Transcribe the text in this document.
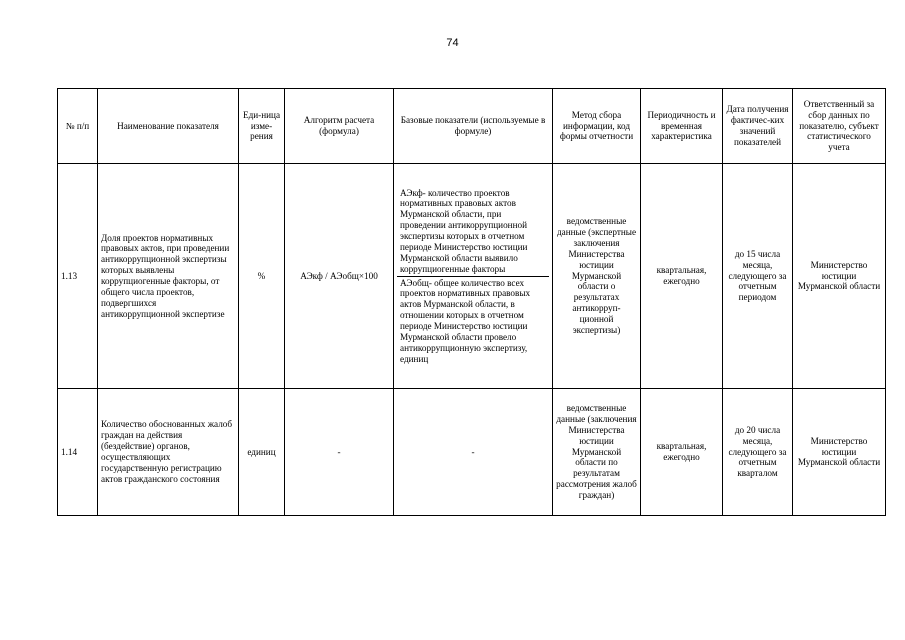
74
№ п/п	Наименование показателя	Еди-ница изме-рения	Алгоритм расчета (формула)	Базовые показатели (используемые в формуле)	Метод сбора информации, код формы отчетности	Периодичность и временная характеристика	Дата получения фактичес-ких значений показателей	Ответственный за сбор данных по показателю, субъект статистического учета
1.13	Доля проектов нормативных правовых актов, при проведении антикоррупционной экспертизы которых выявлены коррупциогенные факторы, от общего числа проектов, подвергшихся антикоррупционной экспертизе	%	АЭкф / АЭобщ×100	АЭкф- количество проектов нормативных правовых актов Мурманской области, при проведении антикоррупционной экспертизы которых в отчетном периоде Министерство юстиции Мурманской области выявило коррупциогенные факторы
АЭобщ- общее количество всех проектов нормативных правовых актов Мурманской области, в отношении которых в отчетном периоде Министерство юстиции Мурманской области провело антикоррупционную экспертизу, единиц	ведомственные данные (экспертные заключения Министерства юстиции Мурманской области о результатах антикорруп-ционной экспертизы)	квартальная, ежегодно	до 15 числа месяца, следующего за отчетным периодом	Министерство юстиции Мурманской области
1.14	Количество обоснованных жалоб граждан на действия (бездействие) органов, осуществляющих государственную регистрацию актов гражданского состояния	единиц	-	-	ведомственные данные (заключения Министерства юстиции Мурманской области по результатам рассмотрения жалоб граждан)	квартальная, ежегодно	до 20 числа месяца, следующего за отчетным кварталом	Министерство юстиции Мурманской области
